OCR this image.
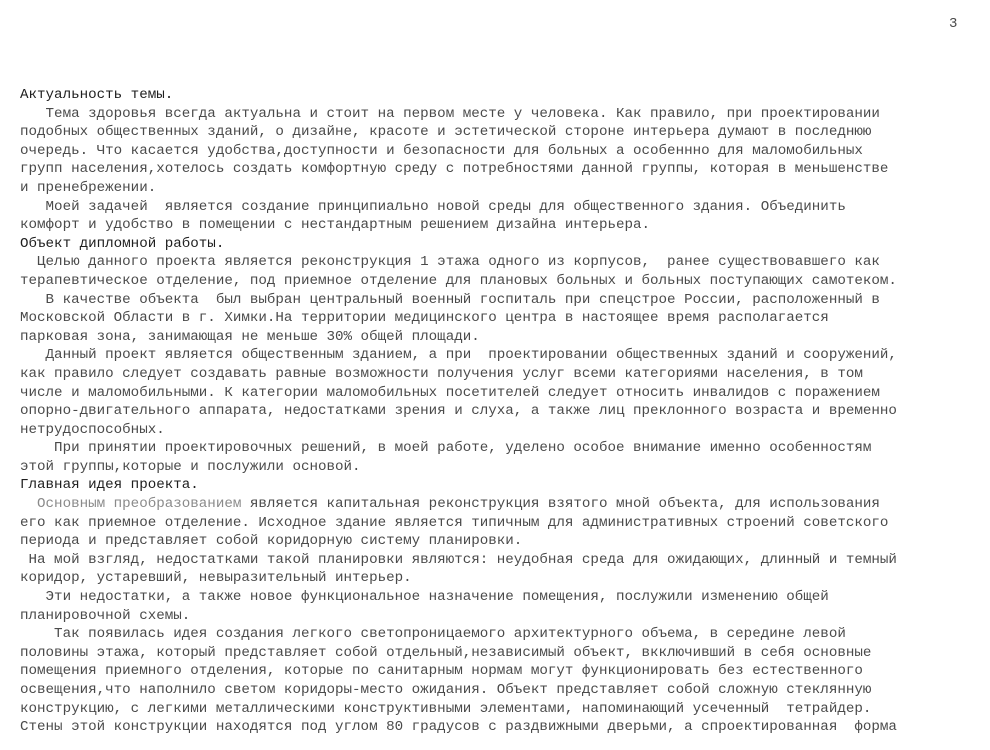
3
Актуальность темы.
Тема здоровья всегда актуальна и стоит на первом месте у человека. Как правило, при проектировании
подобных общественных зданий, о дизайне, красоте и эстетической стороне интерьера думают в последнюю
очередь. Что касается удобства,доступности и безопасности для больных а особеннно для маломобильных
групп населения,хотелось создать комфортную среду с потребностями данной группы, которая в меньшенстве
и пренебрежении.
Моей задачей  является создание принципиально новой среды для общественного здания. Объединить
комфорт и удобство в помещении с нестандартным решением дизайна интерьера.
Объект дипломной работы.
Целью данного проекта является реконструкция 1 этажа одного из корпусов,  ранее существовавшего как
терапевтическое отделение, под приемное отделение для плановых больных и больных поступающих самотеком.
В качестве объекта  был выбран центральный военный госпиталь при спецстрое России, расположенный в
Московской Области в г. Химки.На территории медицинского центра в настоящее время располагается
парковая зона, занимающая не меньше 30% общей площади.
Данный проект является общественным зданием, а при  проектировании общественных зданий и сооружений,
как правило следует создавать равные возможности получения услуг всеми категориями населения, в том
числе и маломобильными. К категории маломобильных посетителей следует относить инвалидов с поражением
опорно-двигательного аппарата, недостатками зрения и слуха, а также лиц преклонного возраста и временно
нетрудоспособных.
При принятии проектировочных решений, в моей работе, уделено особое внимание именно особенностям
этой группы,которые и послужили основой.
Главная идея проекта.
Основным преобразованием является капитальная реконструкция взятого мной объекта, для использования
его как приемное отделение. Исходное здание является типичным для административных строений советского
периода и представляет собой коридорную систему планировки.
На мой взгляд, недостатками такой планировки являются: неудобная среда для ожидающих, длинный и темный
коридор, устаревший, невыразительный интерьер.
Эти недостатки, а также новое функциональное назначение помещения, послужили изменению общей
планировочной схемы.
Так появилась идея создания легкого светопроницаемого архитектурного объема, в середине левой
половины этажа, который представляет собой отдельный,независимый объект, вкключивший в себя основные
помещения приемного отделения, которые по санитарным нормам могут функционировать без естественного
освещения,что наполнило светом коридоры-место ожидания. Объект представляет собой сложную стеклянную
конструкцию, с легкими металлическими конструктивными элементами, напоминающий усеченный  тетрайдер.
Стены этой конструкции находятся под углом 80 градусов с раздвижными дверьми, а спроектированная  форма
